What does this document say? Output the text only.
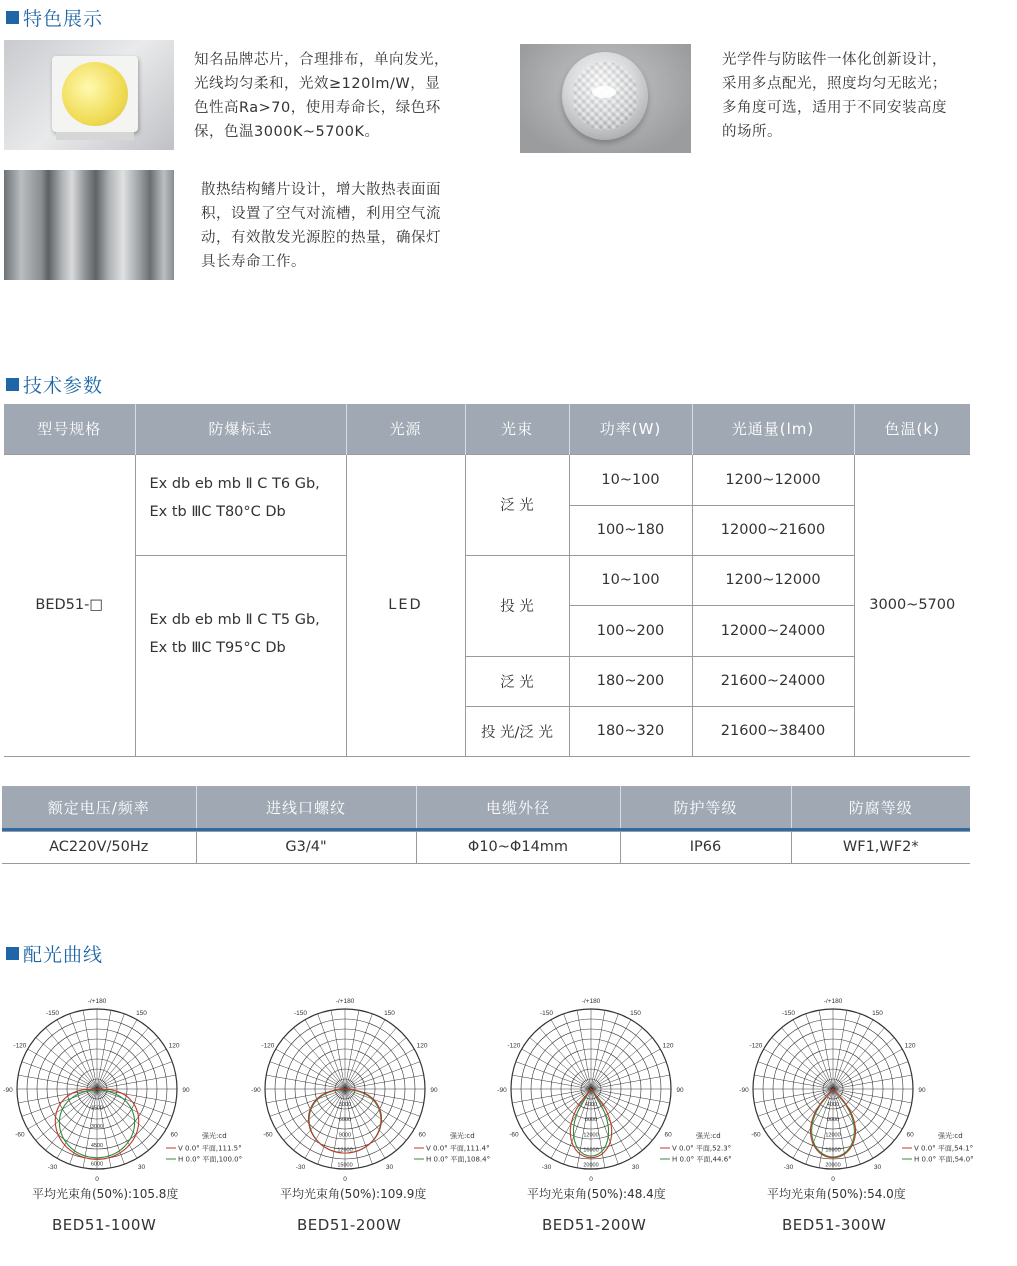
特色展示
知名品牌芯片，合理排布，单向发光，
光线均匀柔和，光效≥120lm/W，显
色性高Ra>70，使用寿命长，绿色环
保，色温3000K~5700K。
光学件与防眩件一体化创新设计，
采用多点配光，照度均匀无眩光；
多角度可选，适用于不同安装高度
的场所。
散热结构鳍片设计，增大散热表面面
积，设置了空气对流槽，利用空气流
动，有效散发光源腔的热量，确保灯
具长寿命工作。
技术参数
型号规格	防爆标志	光源	光束	功率(W)	光通量(lm)	色温(k)
BED51-□	Ex db eb mb Ⅱ C T6 Gb,
Ex tb ⅢC T80°C Db	LED	泛 光	10~100	1200~12000	3000~5700
				100~180	12000~21600	

	Ex db eb mb Ⅱ C T5 Gb,
Ex tb ⅢC T95°C Db		投 光	10~100	1200~12000	
				100~200	12000~24000	
			泛 光	180~200	21600~24000	
			投 光/泛 光	180~320	21600~38400	
额定电压/频率	进线口螺纹	电缆外径	防护等级	防腐等级

AC220V/50Hz	G3/4"	Φ10~Φ14mm	IP66	WF1,WF2*
配光曲线
-/+180
150
-150
120
-120
90
-90
60
-60
30
-30
0
1500
3000
4500
6000
强光:cd
V 0.0° 平面,111.5°
H 0.0° 平面,100.0°
平均光束角(50%):105.8度
BED51-100W
-/+180
150
-150
120
-120
90
-90
60
-60
30
-30
0
3000
6000
9000
12000
15000
强光:cd
V 0.0° 平面,111.4°
H 0.0° 平面,108.4°
平均光束角(50%):109.9度
BED51-200W
-/+180
150
-150
120
-120
90
-90
60
-60
30
-30
0
4000
8000
12000
16000
20000
强光:cd
V 0.0° 平面,52.3°
H 0.0° 平面,44.6°
平均光束角(50%):48.4度
BED51-200W
-/+180
150
-150
120
-120
90
-90
60
-60
30
-30
0
4000
8000
12000
16000
20000
强光:cd
V 0.0° 平面,54.1°
H 0.0° 平面,54.0°
平均光束角(50%):54.0度
BED51-300W
